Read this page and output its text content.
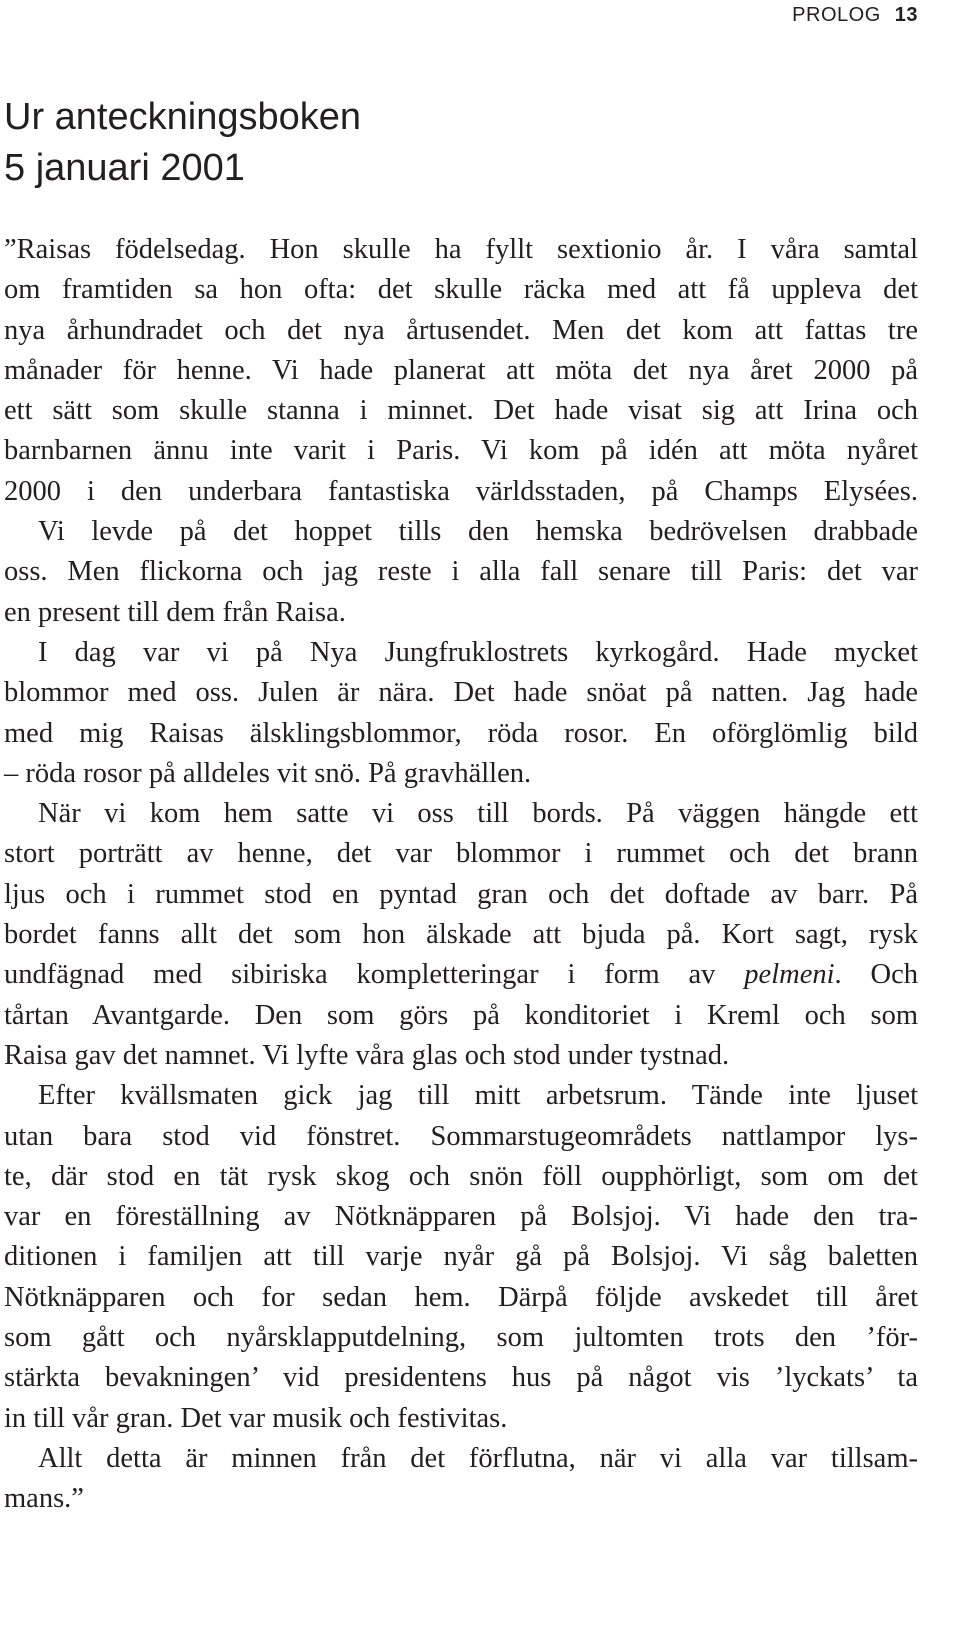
PROLOG 13
Ur anteckningsboken
5 januari 2001
”Raisas födelsedag. Hon skulle ha fyllt sextionio år. I våra samtal
om framtiden sa hon ofta: det skulle räcka med att få uppleva det
nya århundradet och det nya årtusendet. Men det kom att fattas tre
månader för henne. Vi hade planerat att möta det nya året 2000 på
ett sätt som skulle stanna i minnet. Det hade visat sig att Irina och
barnbarnen ännu inte varit i Paris. Vi kom på idén att möta nyåret
2000 i den underbara fantastiska världsstaden, på Champs Elysées.
Vi levde på det hoppet tills den hemska bedrövelsen drabbade
oss. Men flickorna och jag reste i alla fall senare till Paris: det var
en present till dem från Raisa.
I dag var vi på Nya Jungfruklostrets kyrkogård. Hade mycket
blommor med oss. Julen är nära. Det hade snöat på natten. Jag hade
med mig Raisas älsklingsblommor, röda rosor. En oförglömlig bild
– röda rosor på alldeles vit snö. På gravhällen.
När vi kom hem satte vi oss till bords. På väggen hängde ett
stort porträtt av henne, det var blommor i rummet och det brann
ljus och i rummet stod en pyntad gran och det doftade av barr. På
bordet fanns allt det som hon älskade att bjuda på. Kort sagt, rysk
undfägnad med sibiriska kompletteringar i form av pelmeni. Och
tårtan Avantgarde. Den som görs på konditoriet i Kreml och som
Raisa gav det namnet. Vi lyfte våra glas och stod under tystnad.
Efter kvällsmaten gick jag till mitt arbetsrum. Tände inte ljuset
utan bara stod vid fönstret. Sommarstugeområdets nattlampor lys-
te, där stod en tät rysk skog och snön föll oupphörligt, som om det
var en föreställning av Nötknäpparen på Bolsjoj. Vi hade den tra-
ditionen i familjen att till varje nyår gå på Bolsjoj. Vi såg baletten
Nötknäpparen och for sedan hem. Därpå följde avskedet till året
som gått och nyårsklapputdelning, som jultomten trots den ’för-
stärkta bevakningen’ vid presidentens hus på något vis ’lyckats’ ta
in till vår gran. Det var musik och festivitas.
Allt detta är minnen från det förflutna, när vi alla var tillsam-
mans.”
